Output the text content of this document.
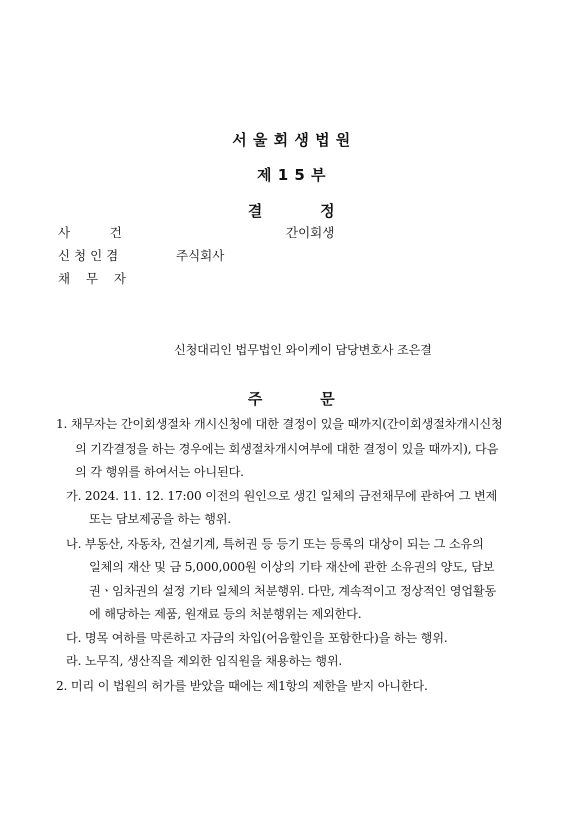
서 울 회 생 법 원
제 1 5 부
결          정
사          건	간이회생
신 청 인 겸	주식회사
채    무    자
신청대리인 법무법인 와이케이 담당변호사 조은결
주          문
1. 채무자는 간이회생절차 개시신청에 대한 결정이 있을 때까지(간이회생절차개시신청
의 기각결정을 하는 경우에는 회생절차개시여부에 대한 결정이 있을 때까지), 다음
의 각 행위를 하여서는 아니된다.
가. 2024. 11. 12. 17:00 이전의 원인으로 생긴 일체의 금전채무에 관하여 그 변제
또는 담보제공을 하는 행위.
나. 부동산, 자동차, 건설기계, 특허권 등 등기 또는 등록의 대상이 되는 그 소유의
일체의 재산 및 금 5,000,000원 이상의 기타 재산에 관한 소유권의 양도, 담보
권ㆍ임차권의 설정 기타 일체의 처분행위. 다만, 계속적이고 정상적인 영업활동
에 해당하는 제품, 원재료 등의 처분행위는 제외한다.
다. 명목 여하를 막론하고 자금의 차입(어음할인을 포함한다)을 하는 행위.
라. 노무직, 생산직을 제외한 임직원을 채용하는 행위.
2. 미리 이 법원의 허가를 받았을 때에는 제1항의 제한을 받지 아니한다.
